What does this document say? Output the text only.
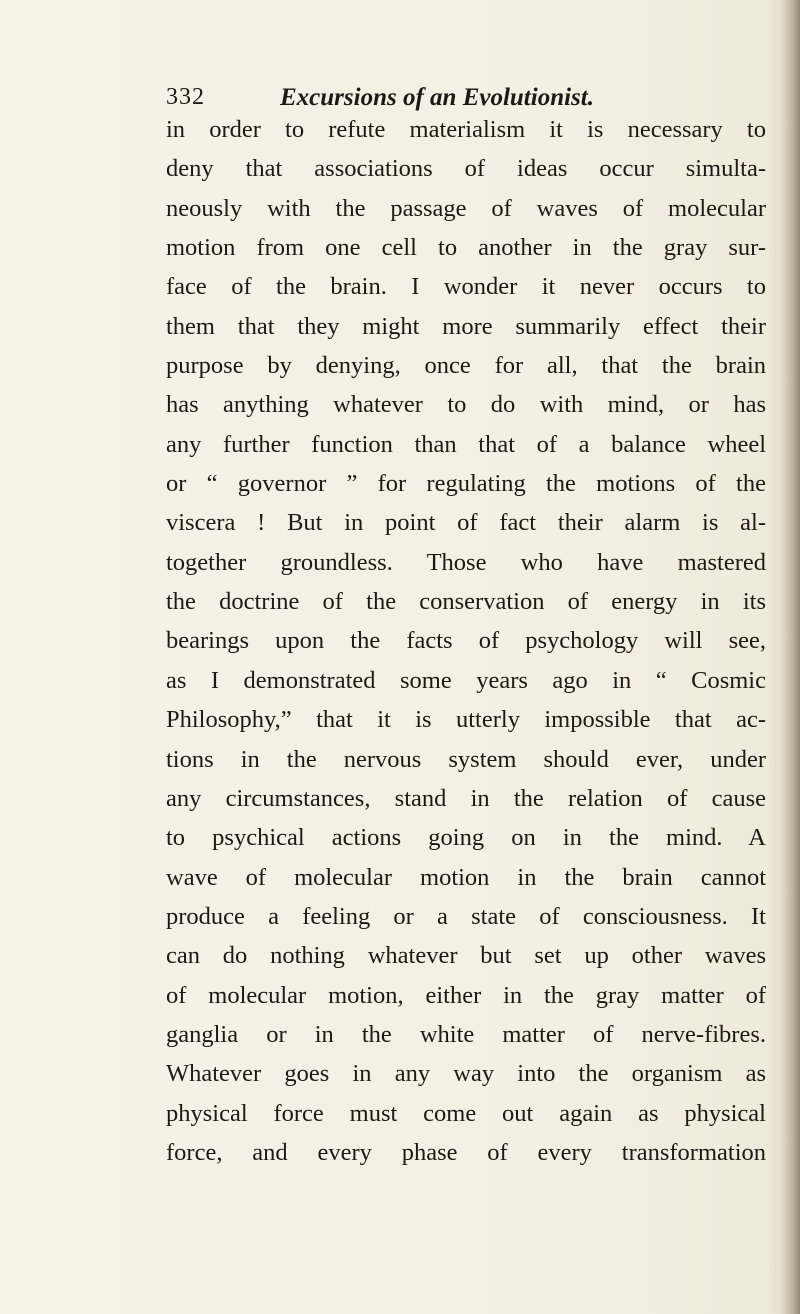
332	Excursions of an Evolutionist.
in order to refute materialism it is necessary to
deny that associations of ideas occur simulta-
neously with the passage of waves of molecular
motion from one cell to another in the gray sur-
face of the brain. I wonder it never occurs to
them that they might more summarily effect their
purpose by denying, once for all, that the brain
has anything whatever to do with mind, or has
any further function than that of a balance wheel
or “ governor ” for regulating the motions of the
viscera ! But in point of fact their alarm is al-
together groundless. Those who have mastered
the doctrine of the conservation of energy in its
bearings upon the facts of psychology will see,
as I demonstrated some years ago in “ Cosmic
Philosophy,” that it is utterly impossible that ac-
tions in the nervous system should ever, under
any circumstances, stand in the relation of cause
to psychical actions going on in the mind. A
wave of molecular motion in the brain cannot
produce a feeling or a state of consciousness. It
can do nothing whatever but set up other waves
of molecular motion, either in the gray matter of
ganglia or in the white matter of nerve-fibres.
Whatever goes in any way into the organism as
physical force must come out again as physical
force, and every phase of every transformation
